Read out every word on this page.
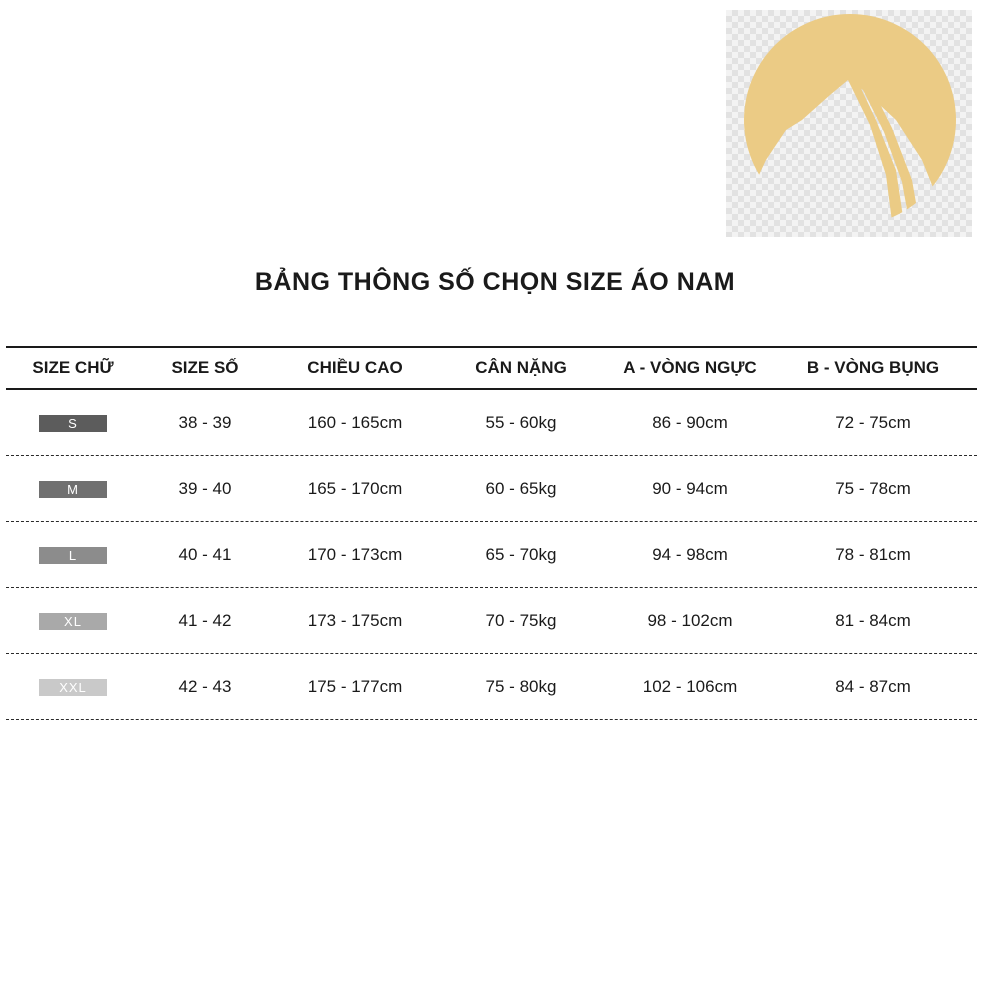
BẢNG THÔNG SỐ CHỌN SIZE ÁO NAM
SIZE CHỮ	SIZE SỐ	CHIỀU CAO	CÂN NẶNG	A - VÒNG NGỰC	B - VÒNG BỤNG
S	38 - 39	160 - 165cm	55 - 60kg	86 - 90cm	72 - 75cm
M	39 - 40	165 - 170cm	60 - 65kg	90 - 94cm	75 - 78cm
L	40 - 41	170 - 173cm	65 - 70kg	94 - 98cm	78 - 81cm
XL	41 - 42	173 - 175cm	70 - 75kg	98 - 102cm	81 - 84cm
XXL	42 - 43	175 - 177cm	75 - 80kg	102 - 106cm	84 - 87cm
